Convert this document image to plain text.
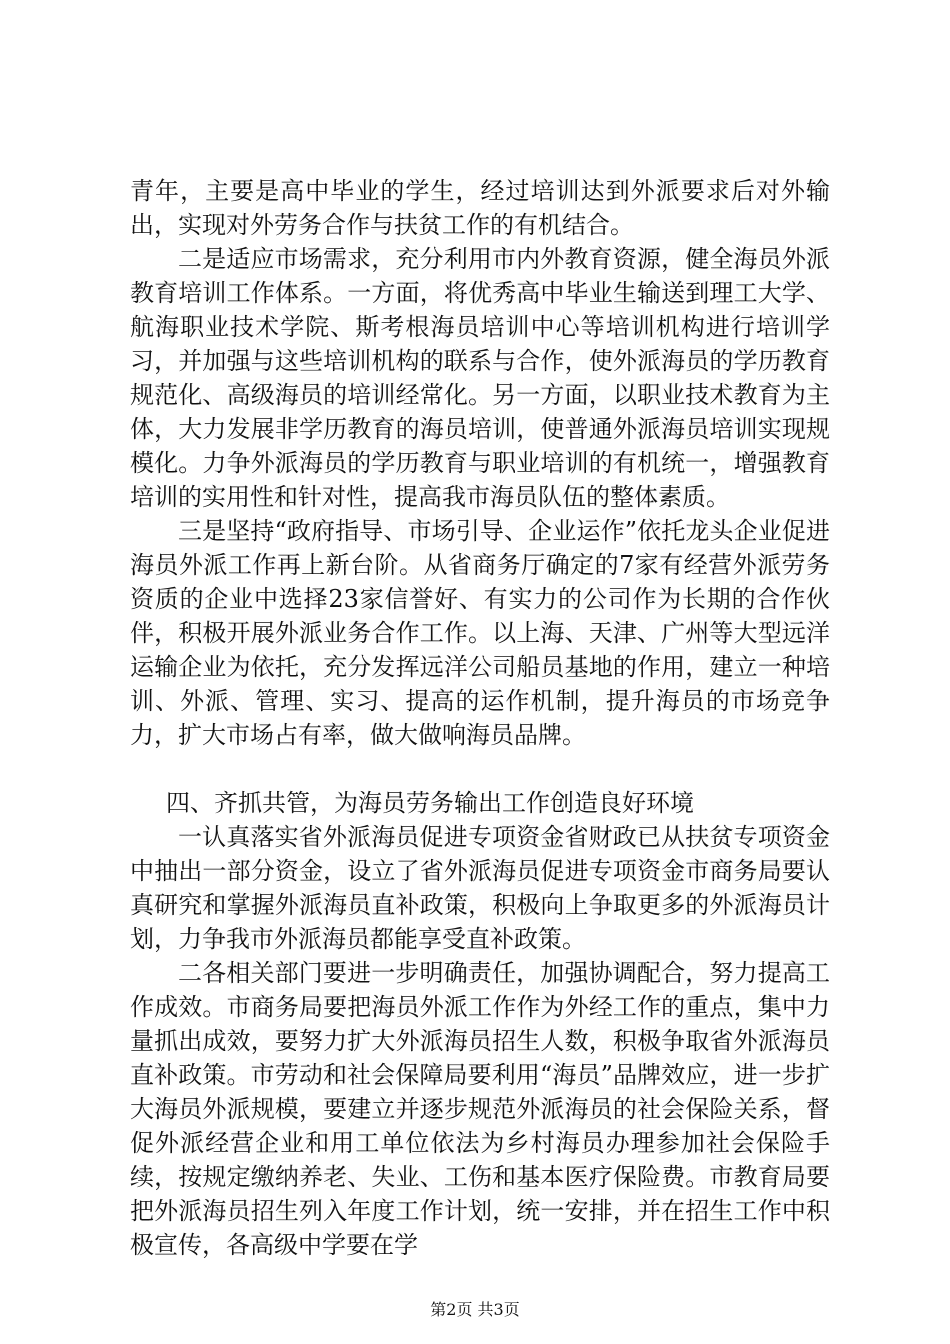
青年，主要是高中毕业的学生，经过培训达到外派要求后对外输出，实现对外劳务合作与扶贫工作的有机结合。

二是适应市场需求，充分利用市内外教育资源，健全海员外派教育培训工作体系。一方面，将优秀高中毕业生输送到理工大学、航海职业技术学院、斯考根海员培训中心等培训机构进行培训学习，并加强与这些培训机构的联系与合作，使外派海员的学历教育规范化、高级海员的培训经常化。另一方面，以职业技术教育为主体，大力发展非学历教育的海员培训，使普通外派海员培训实现规模化。力争外派海员的学历教育与职业培训的有机统一，增强教育培训的实用性和针对性，提高我市海员队伍的整体素质。

三是坚持“政府指导、市场引导、企业运作”依托龙头企业促进海员外派工作再上新台阶。从省商务厅确定的7家有经营外派劳务资质的企业中选择23家信誉好、有实力的公司作为长期的合作伙伴，积极开展外派业务合作工作。以上海、天津、广州等大型远洋运输企业为依托，充分发挥远洋公司船员基地的作用，建立一种培训、外派、管理、实习、提高的运作机制，提升海员的市场竞争力，扩大市场占有率，做大做响海员品牌。

四、齐抓共管，为海员劳务输出工作创造良好环境

一认真落实省外派海员促进专项资金省财政已从扶贫专项资金中抽出一部分资金，设立了省外派海员促进专项资金市商务局要认真研究和掌握外派海员直补政策，积极向上争取更多的外派海员计划，力争我市外派海员都能享受直补政策。

二各相关部门要进一步明确责任，加强协调配合，努力提高工作成效。市商务局要把海员外派工作作为外经工作的重点，集中力量抓出成效，要努力扩大外派海员招生人数，积极争取省外派海员直补政策。市劳动和社会保障局要利用“海员”品牌效应，进一步扩大海员外派规模，要建立并逐步规范外派海员的社会保险关系，督促外派经营企业和用工单位依法为乡村海员办理参加社会保险手续，按规定缴纳养老、失业、工伤和基本医疗保险费。市教育局要把外派海员招生列入年度工作计划，统一安排，并在招生工作中积极宣传，各高级中学要在学

第2页 共3页
